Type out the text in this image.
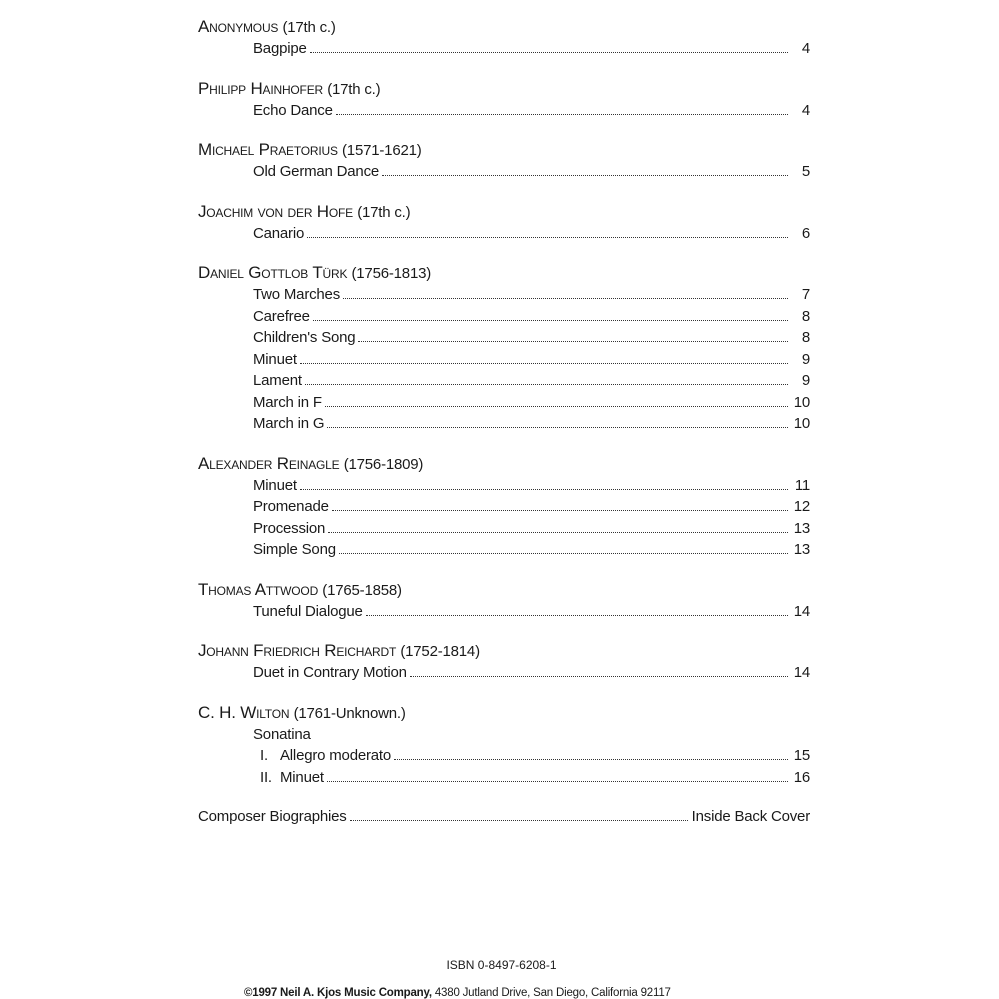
Anonymous (17th c.)
Bagpipe	4
Philipp Hainhofer (17th c.)
Echo Dance	4
Michael Praetorius (1571-1621)
Old German Dance	5
Joachim von der Hofe (17th c.)
Canario	6
Daniel Gottlob Türk (1756-1813)
Two Marches	7
Carefree	8
Children's Song	8
Minuet	9
Lament	9
March in F	10
March in G	10
Alexander Reinagle (1756-1809)
Minuet	11
Promenade	12
Procession	13
Simple Song	13
Thomas Attwood (1765-1858)
Tuneful Dialogue	14
Johann Friedrich Reichardt (1752-1814)
Duet in Contrary Motion	14
C. H. Wilton (1761-Unknown.)
Sonatina
I. Allegro moderato	15
II. Minuet	16
Composer Biographies	Inside Back Cover
ISBN 0-8497-6208-1
©1997 Neil A. Kjos Music Company, 4380 Jutland Drive, San Diego, California 92117
